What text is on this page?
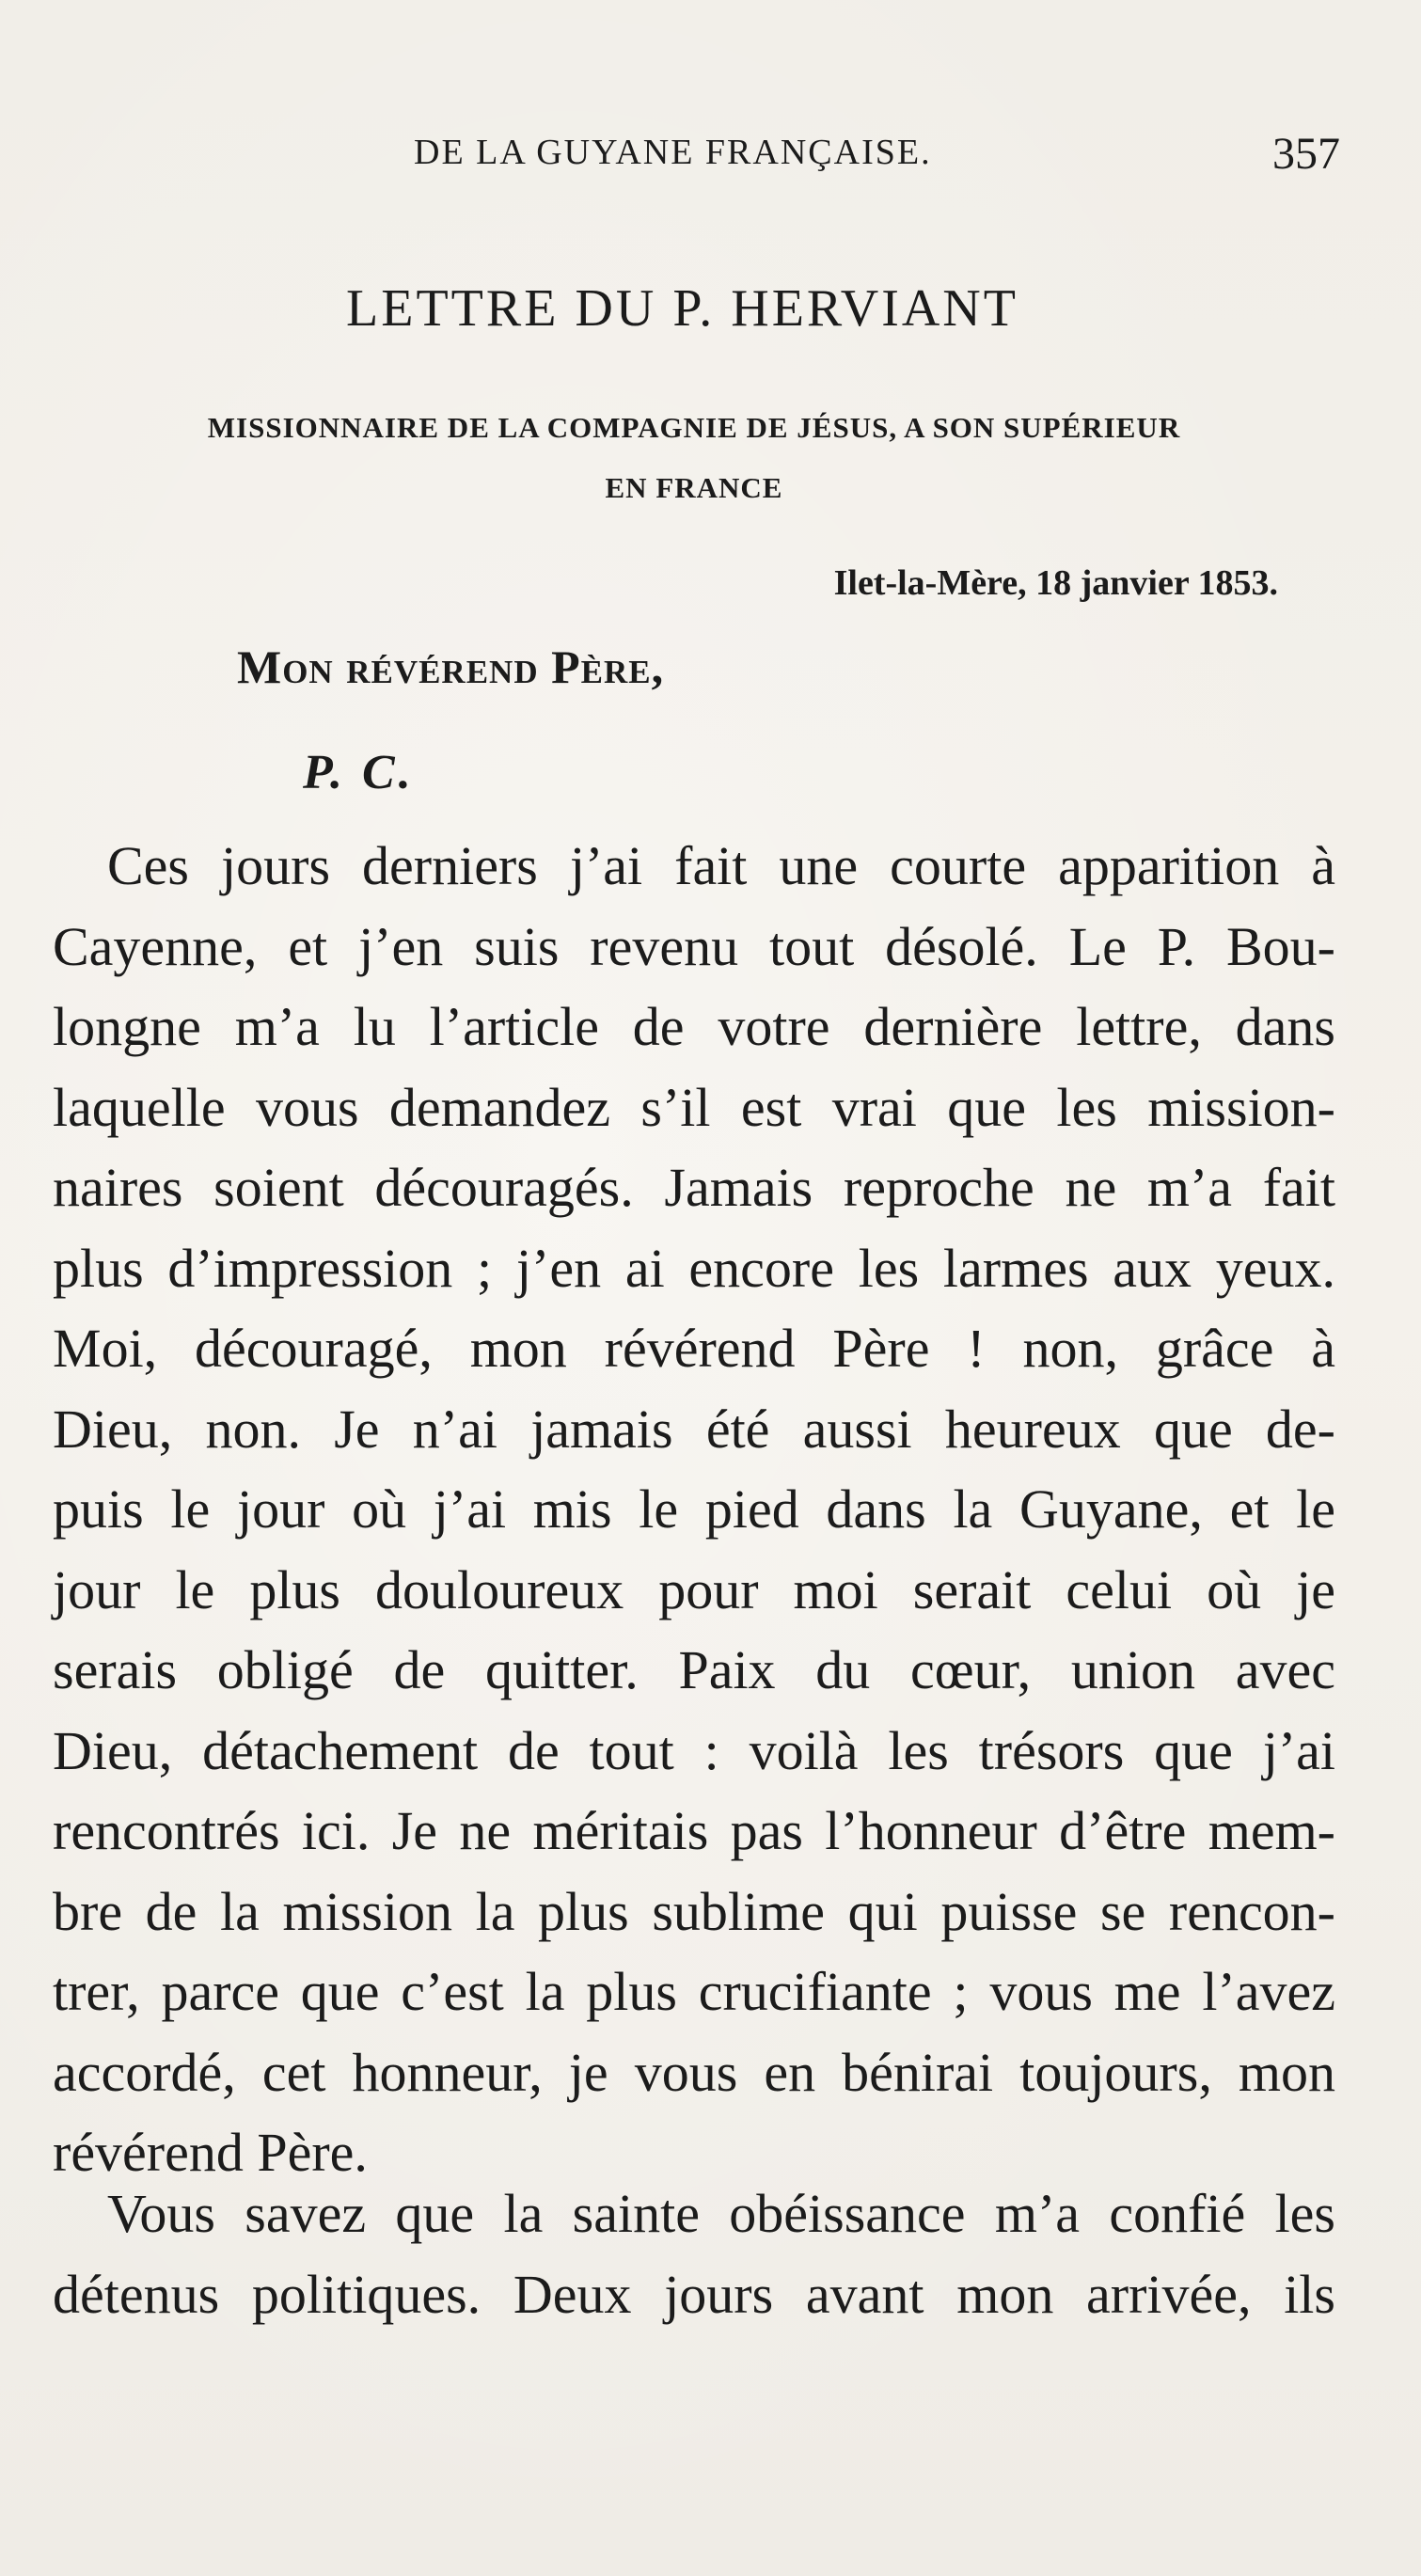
DE LA GUYANE FRANÇAISE.	357
LETTRE DU P. HERVIANT
MISSIONNAIRE DE LA COMPAGNIE DE JÉSUS, A SON SUPÉRIEUR
EN FRANCE
Ilet-la-Mère, 18 janvier 1853.
Mon révérend Père,
P. C.
Ces jours derniers j’ai fait une courte apparition à
Cayenne, et j’en suis revenu tout désolé. Le P. Bou-
longne m’a lu l’article de votre dernière lettre, dans
laquelle vous demandez s’il est vrai que les mission-
naires soient découragés. Jamais reproche ne m’a fait
plus d’impression ; j’en ai encore les larmes aux yeux.
Moi, découragé, mon révérend Père ! non, grâce à
Dieu, non. Je n’ai jamais été aussi heureux que de-
puis le jour où j’ai mis le pied dans la Guyane, et le
jour le plus douloureux pour moi serait celui où je
serais obligé de quitter. Paix du cœur, union avec
Dieu, détachement de tout : voilà les trésors que j’ai
rencontrés ici. Je ne méritais pas l’honneur d’être mem-
bre de la mission la plus sublime qui puisse se rencon-
trer, parce que c’est la plus crucifiante ; vous me l’avez
accordé, cet honneur, je vous en bénirai toujours, mon
révérend Père.
Vous savez que la sainte obéissance m’a confié les
détenus politiques. Deux jours avant mon arrivée, ils
